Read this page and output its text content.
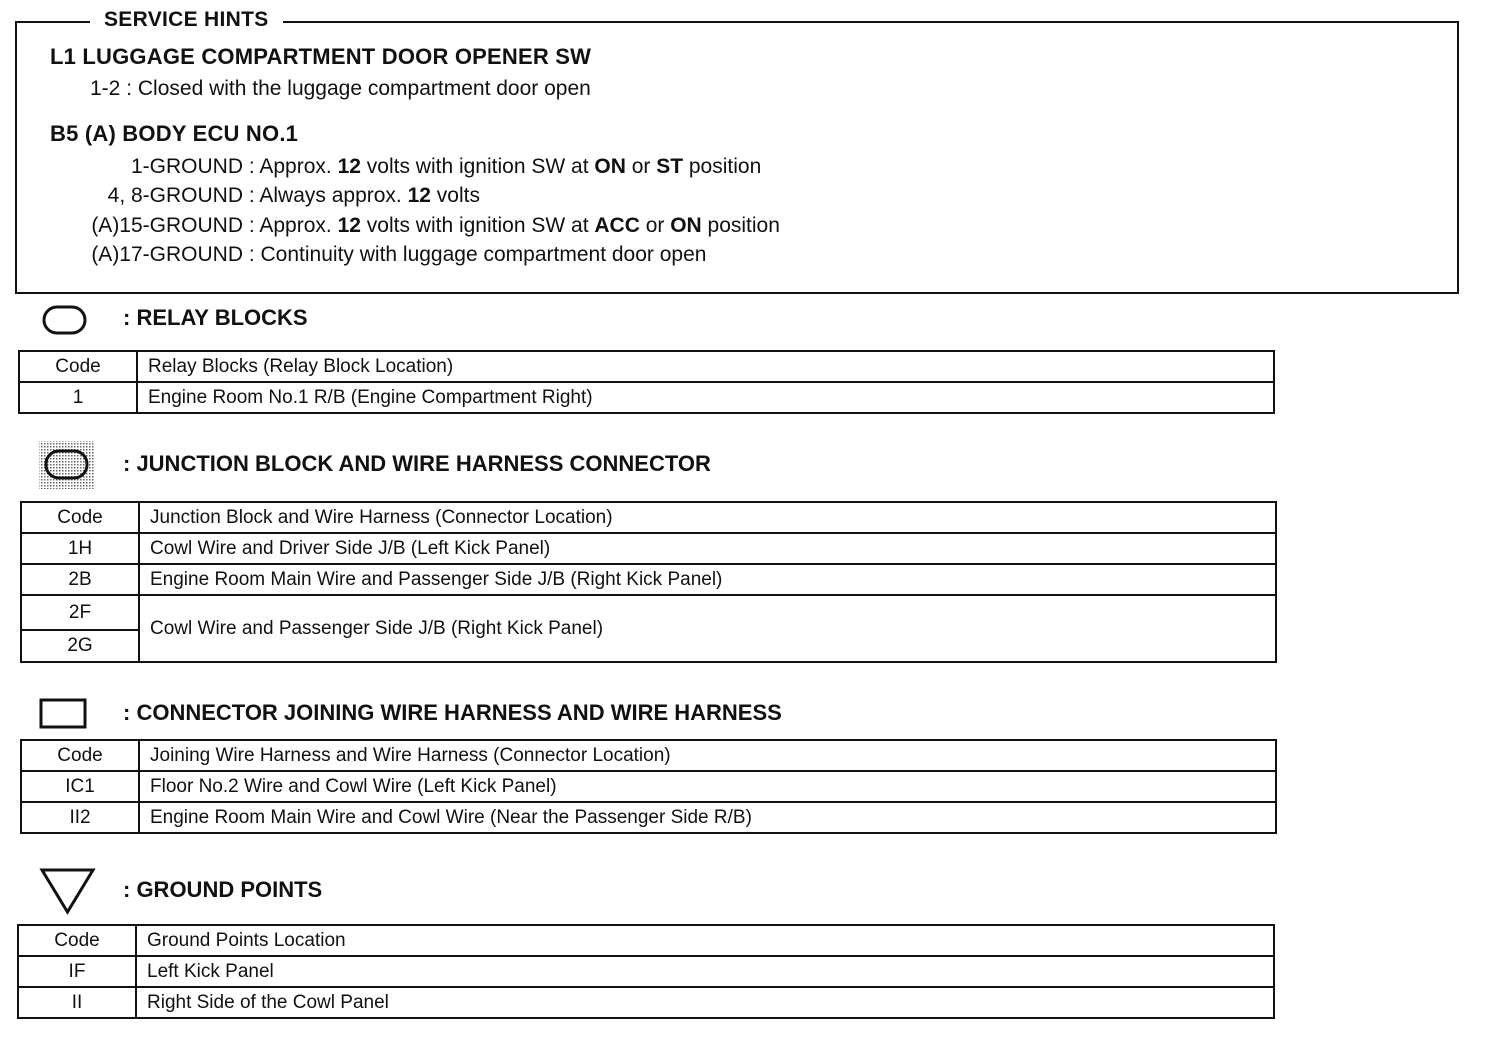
SERVICE HINTS
L1 LUGGAGE COMPARTMENT DOOR OPENER SW
1-2 : Closed with the luggage compartment door open
B5 (A) BODY ECU NO.1
1-GROUND : Approx. 12 volts with ignition SW at ON or ST position
4, 8-GROUND : Always approx. 12 volts
(A)15-GROUND : Approx. 12 volts with ignition SW at ACC or ON position
(A)17-GROUND : Continuity with luggage compartment door open
: RELAY BLOCKS
Code	Relay Blocks (Relay Block Location)
1	Engine Room No.1 R/B (Engine Compartment Right)
: JUNCTION BLOCK AND WIRE HARNESS CONNECTOR
Code	Junction Block and Wire Harness (Connector Location)
1H	Cowl Wire and Driver Side J/B (Left Kick Panel)
2B	Engine Room Main Wire and Passenger Side J/B (Right Kick Panel)
2F	Cowl Wire and Passenger Side J/B (Right Kick Panel)
2G	
: CONNECTOR JOINING WIRE HARNESS AND WIRE HARNESS
Code	Joining Wire Harness and Wire Harness (Connector Location)
IC1	Floor No.2 Wire and Cowl Wire (Left Kick Panel)
II2	Engine Room Main Wire and Cowl Wire (Near the Passenger Side R/B)
: GROUND POINTS
Code	Ground Points Location
IF	Left Kick Panel
II	Right Side of the Cowl Panel
